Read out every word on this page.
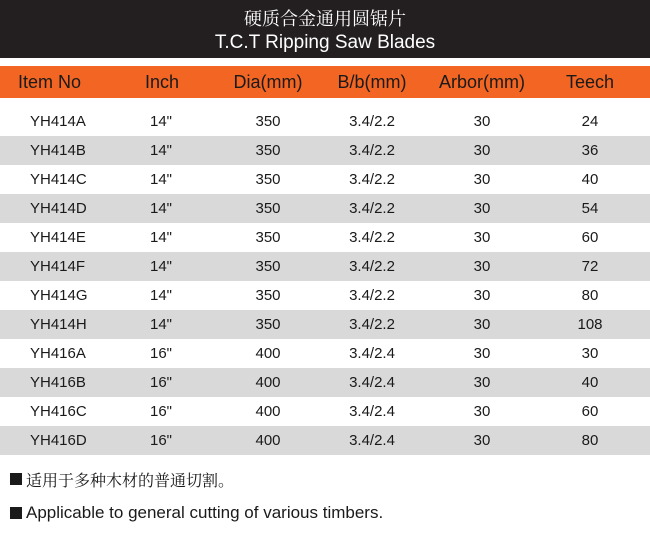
硬质合金通用圆锯片
T.C.T Ripping Saw Blades
Item No	Inch	Dia(mm)	B/b(mm)	Arbor(mm)	Teech
YH414A	14"	350	3.4/2.2	30	24
YH414B	14"	350	3.4/2.2	30	36
YH414C	14"	350	3.4/2.2	30	40
YH414D	14"	350	3.4/2.2	30	54
YH414E	14"	350	3.4/2.2	30	60
YH414F	14"	350	3.4/2.2	30	72
YH414G	14"	350	3.4/2.2	30	80
YH414H	14"	350	3.4/2.2	30	108
YH416A	16"	400	3.4/2.4	30	30
YH416B	16"	400	3.4/2.4	30	40
YH416C	16"	400	3.4/2.4	30	60
YH416D	16"	400	3.4/2.4	30	80
适用于多种木材的普通切割。
Applicable to general cutting of various timbers.
